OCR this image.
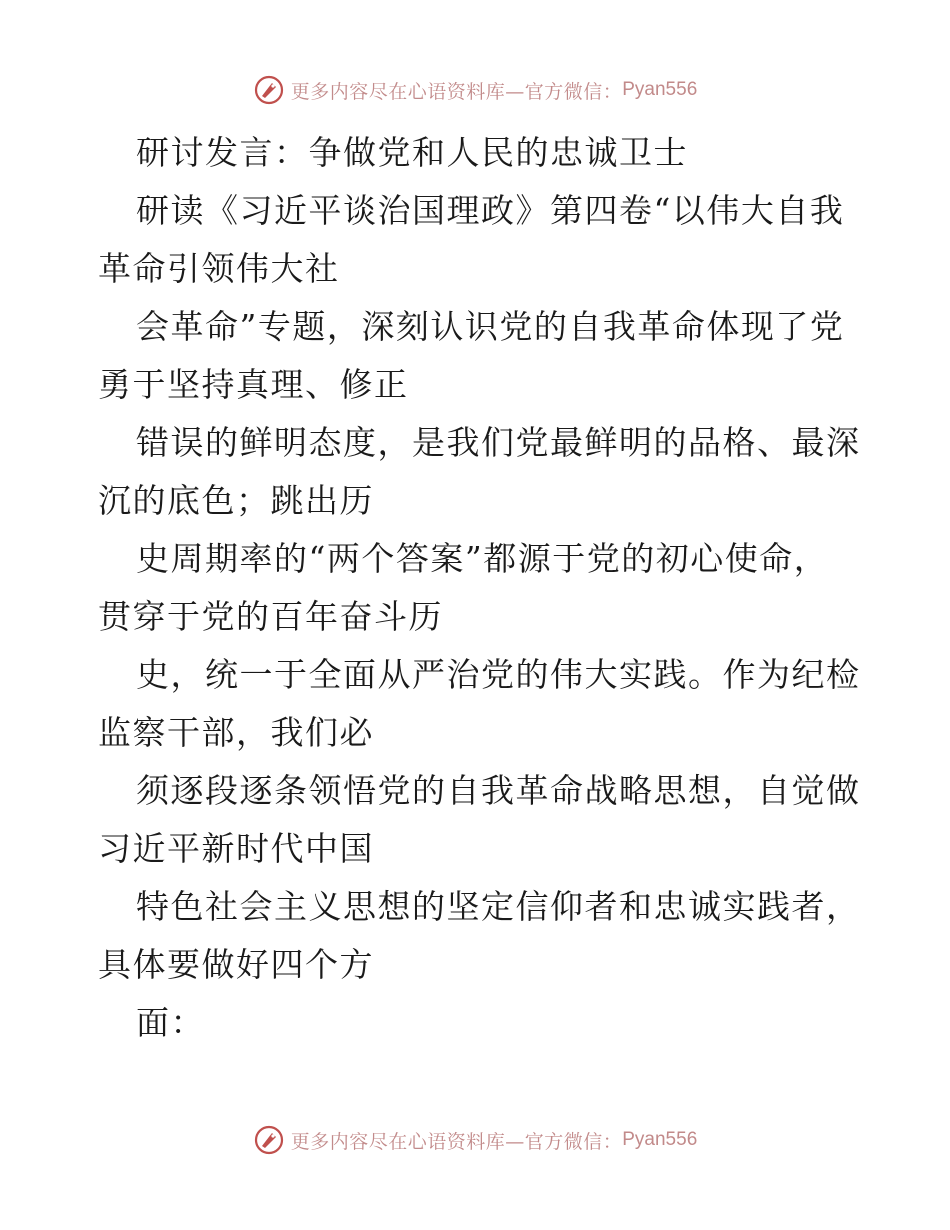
更多内容尽在心语资料库—官方微信： Pyan556
研讨发言：争做党和人民的忠诚卫士
研读《习近平谈治国理政》第四卷“以伟大自我
革命引领伟大社
会革命”专题，深刻认识党的自我革命体现了党
勇于坚持真理、修正
错误的鲜明态度，是我们党最鲜明的品格、最深
沉的底色；跳出历
史周期率的“两个答案”都源于党的初心使命，
贯穿于党的百年奋斗历
史，统一于全面从严治党的伟大实践。作为纪检
监察干部，我们必
须逐段逐条领悟党的自我革命战略思想，自觉做
习近平新时代中国
特色社会主义思想的坚定信仰者和忠诚实践者，
具体要做好四个方
面：
更多内容尽在心语资料库—官方微信： Pyan556
